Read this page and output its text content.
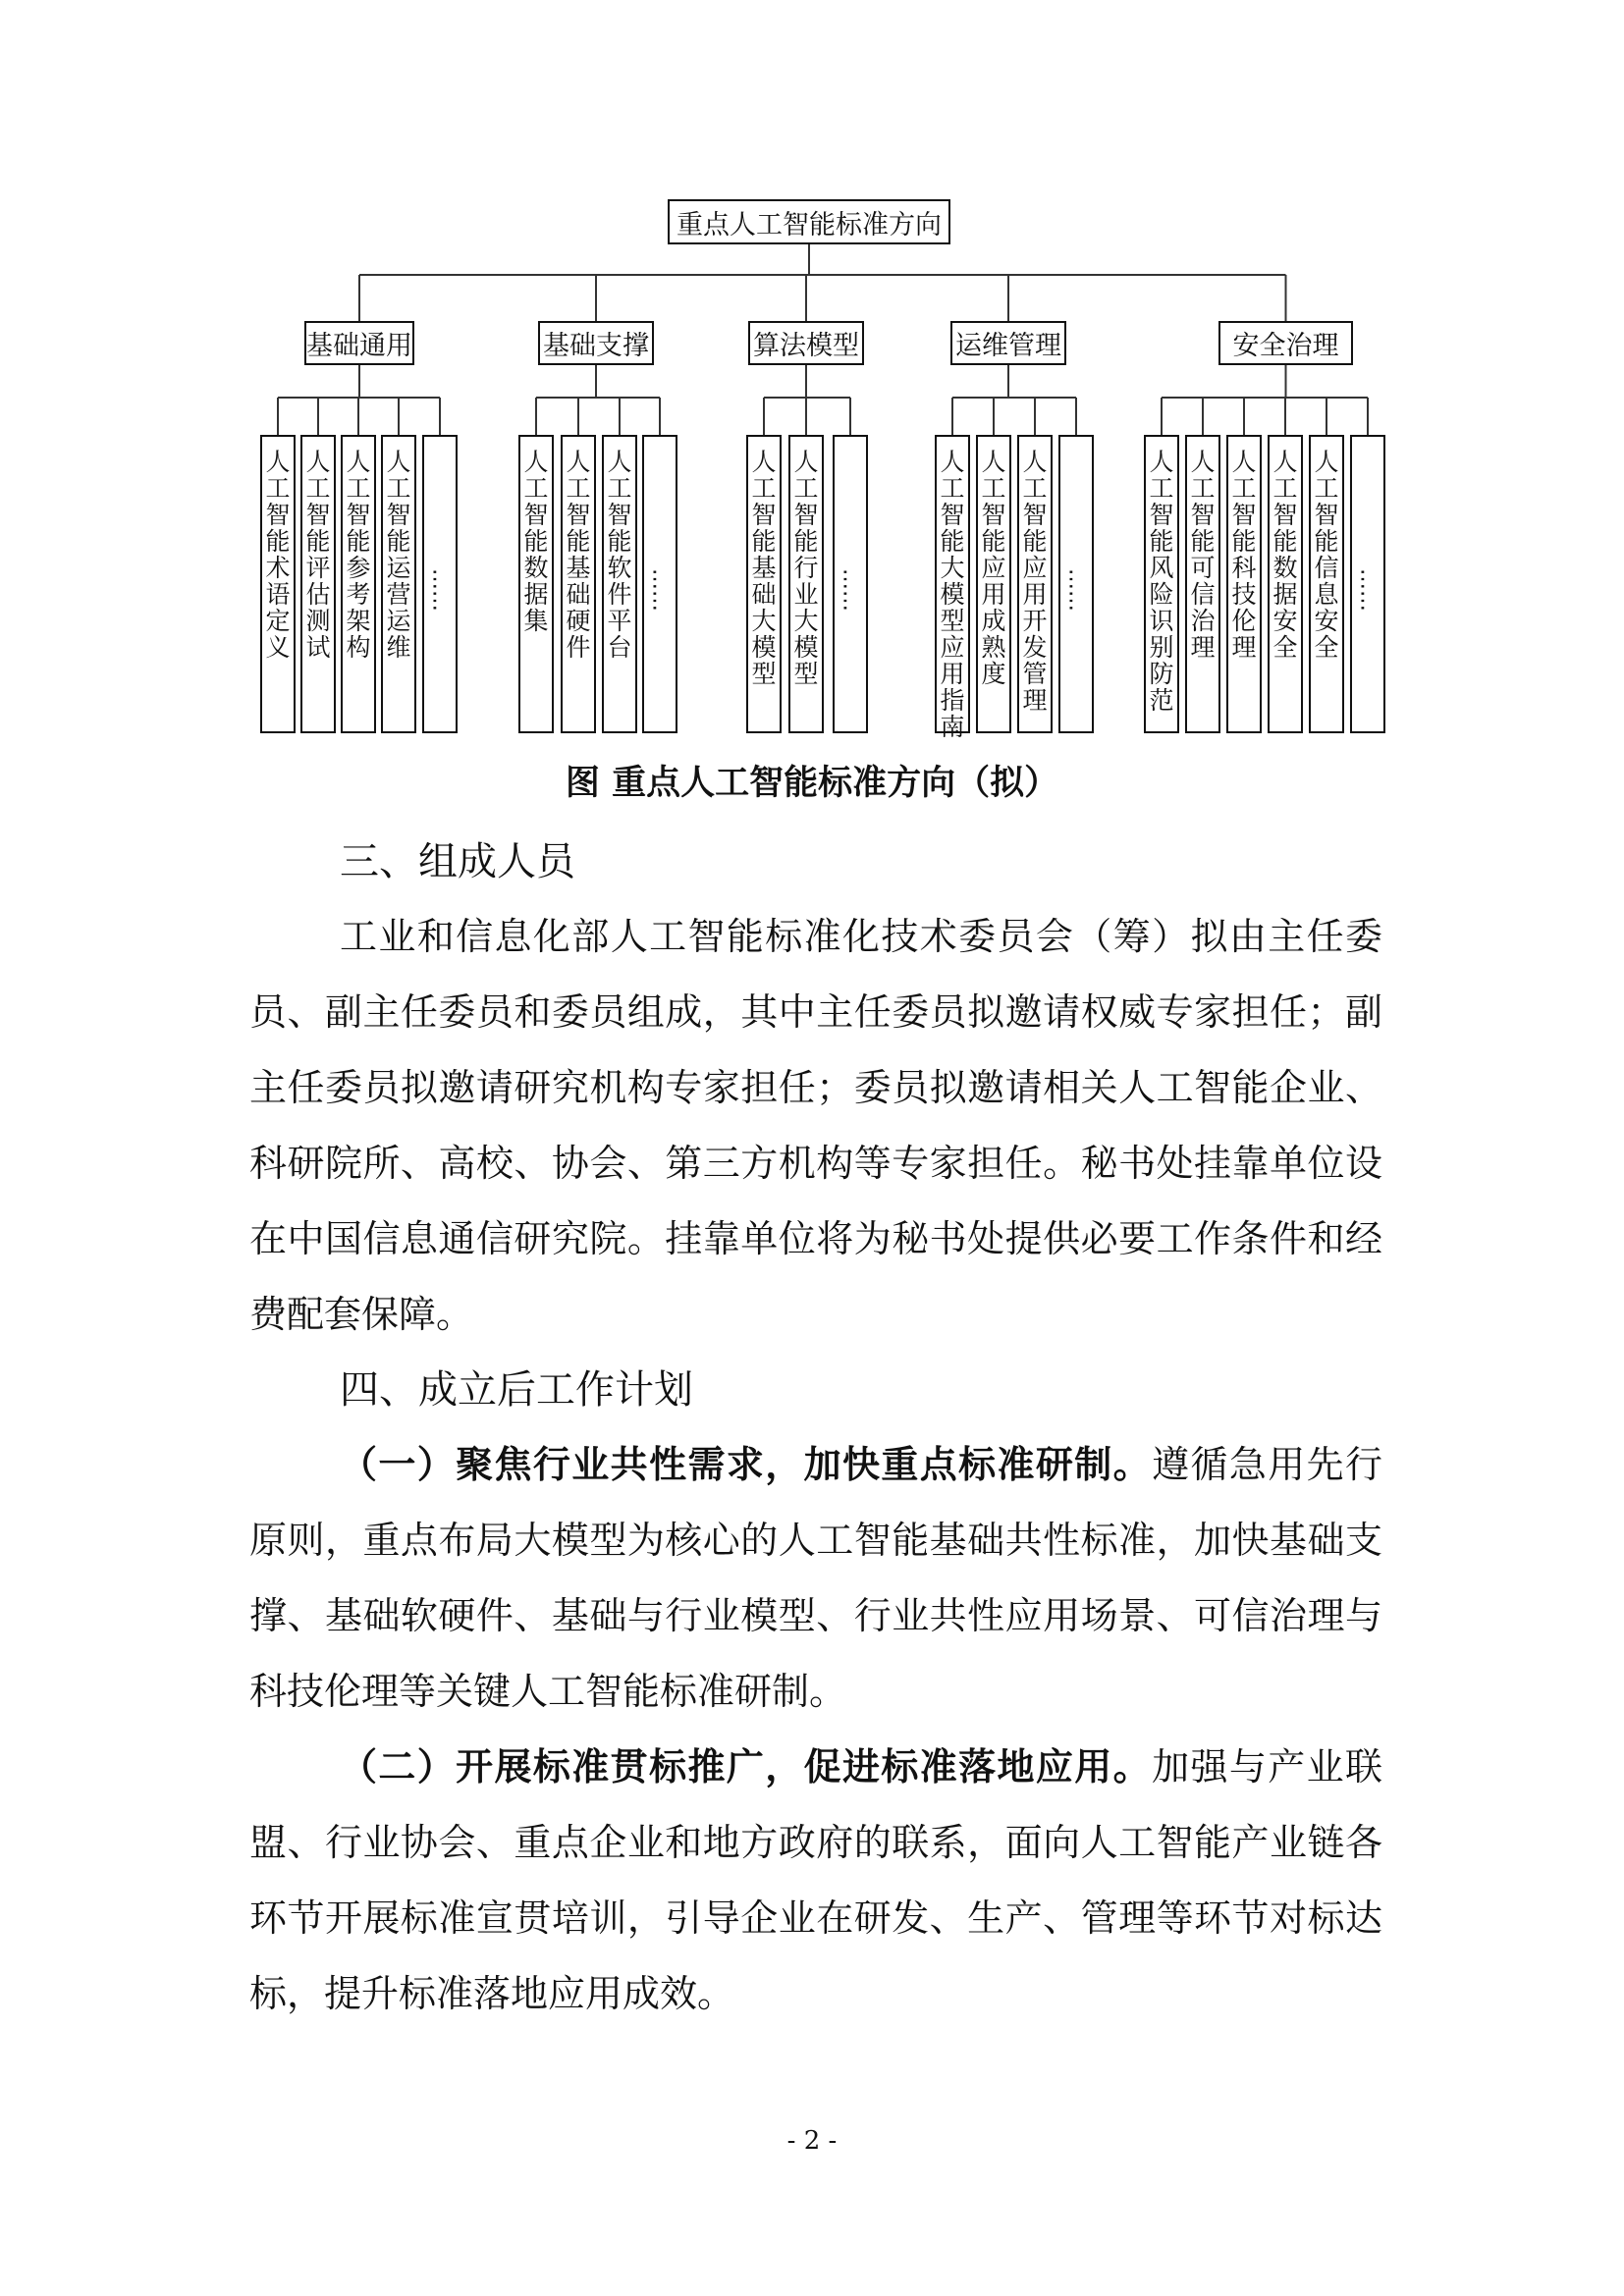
重点人工智能标准方向
基础通用
人
工
智
能
术
语
定
义
人
工
智
能
评
估
测
试
人
工
智
能
参
考
架
构
人
工
智
能
运
营
运
维
……
基础支撑
人
工
智
能
数
据
集
人
工
智
能
基
础
硬
件
人
工
智
能
软
件
平
台
……
算法模型
人
工
智
能
基
础
大
模
型
人
工
智
能
行
业
大
模
型
……
运维管理
人
工
智
能
大
模
型
应
用
指
南
人
工
智
能
应
用
成
熟
度
人
工
智
能
应
用
开
发
管
理
……
安全治理
人
工
智
能
风
险
识
别
防
范
人
工
智
能
可
信
治
理
人
工
智
能
科
技
伦
理
人
工
智
能
数
据
安
全
人
工
智
能
信
息
安
全
……
图 重点人工智能标准方向（拟）
三、组成人员

工业和信息化部人工智能标准化技术委员会（筹）拟由主任委员、副主任委员和委员组成，其中主任委员拟邀请权威专家担任；副主任委员拟邀请研究机构专家担任；委员拟邀请相关人工智能企业、科研院所、高校、协会、第三方机构等专家担任。秘书处挂靠单位设在中国信息通信研究院。挂靠单位将为秘书处提供必要工作条件和经费配套保障。

四、成立后工作计划

（一）聚焦行业共性需求，加快重点标准研制。遵循急用先行原则，重点布局大模型为核心的人工智能基础共性标准，加快基础支撑、基础软硬件、基础与行业模型、行业共性应用场景、可信治理与科技伦理等关键人工智能标准研制。

（二）开展标准贯标推广，促进标准落地应用。加强与产业联盟、行业协会、重点企业和地方政府的联系，面向人工智能产业链各环节开展标准宣贯培训，引导企业在研发、生产、管理等环节对标达标，提升标准落地应用成效。

- 2 -
